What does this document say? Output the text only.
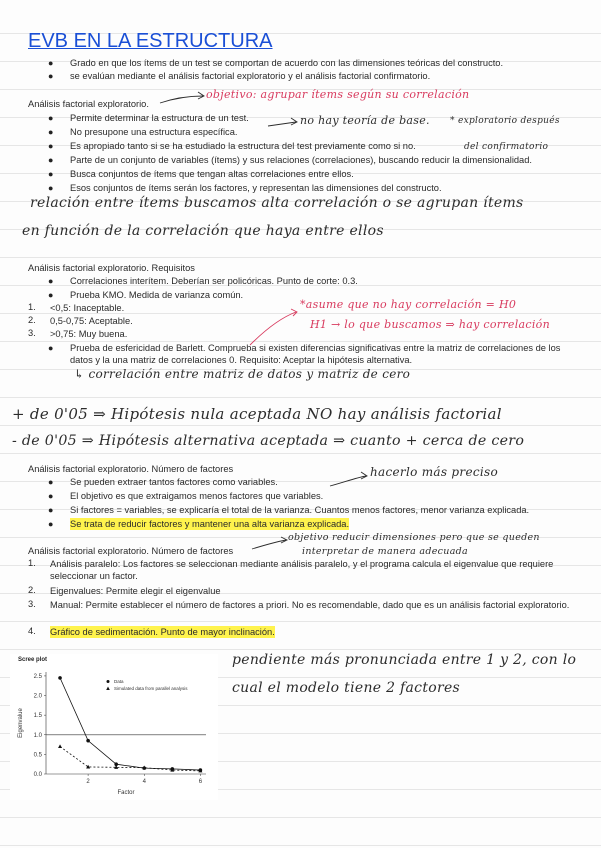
EVB EN LA ESTRUCTURA
● Grado en que los ítems de un test se comportan de acuerdo con las dimensiones teóricas del constructo.
● se evalúan mediante el análisis factorial exploratorio y el análisis factorial confirmatorio.
Análisis factorial exploratorio.
● Permite determinar la estructura de un test.
● No presupone una estructura específica.
● Es apropiado tanto si se ha estudiado la estructura del test previamente como si no.
● Parte de un conjunto de variables (ítems) y sus relaciones (correlaciones), buscando reducir la dimensionalidad.
● Busca conjuntos de ítems que tengan altas correlaciones entre ellos.
● Esos conjuntos de ítems serán los factores, y representan las dimensiones del constructo.
objetivo: agrupar ítems según su correlación
no hay teoría de base. * exploratorio después
del confirmatorio
relación entre ítems buscamos alta correlación o se agrupan ítems
en función de la correlación que haya entre ellos
Análisis factorial exploratorio. Requisitos
● Correlaciones interítem. Deberían ser policóricas. Punto de corte: 0.3.
● Prueba KMO. Medida de varianza común.
1. <0,5: Inaceptable.
2. 0,5-0,75: Aceptable.
3. >0,75: Muy buena.
● Prueba de esfericidad de Barlett. Comprueba si existen diferencias significativas entre la matriz de correlaciones de los datos y la una matriz de correlaciones 0. Requisito: Aceptar la hipótesis alternativa.
*asume que no hay correlación = H0
H1 → lo que buscamos ⇒ hay correlación
↳ correlación entre matriz de datos y matriz de cero
+ de 0'05 ⇒ Hipótesis nula aceptada NO hay análisis factorial
- de 0'05 ⇒ Hipótesis alternativa aceptada ⇒ cuanto + cerca de cero
Análisis factorial exploratorio. Número de factores
● Se pueden extraer tantos factores como variables.
● El objetivo es que extraigamos menos factores que variables.
● Si factores = variables, se explicaría el total de la varianza. Cuantos menos factores, menor varianza explicada.
● Se trata de reducir factores y mantener una alta varianza explicada.
hacerlo más preciso
Análisis factorial exploratorio. Número de factores
objetivo reducir dimensiones pero que se queden
interpretar de manera adecuada
1. Análisis paralelo: Los factores se seleccionan mediante análisis paralelo, y el programa calcula el eigenvalue que requiere seleccionar un factor.
2. Eigenvalues: Permite elegir el eigenvalue
3. Manual: Permite establecer el número de factores a priori. No es recomendable, dado que es un análisis factorial exploratorio.
4. Gráfico de sedimentación. Punto de mayor inclinación.
pendiente más pronunciada entre 1 y 2, con lo
cual el modelo tiene 2 factores
Scree plot
0.0
0.5
1.0
1.5
2.0
2.5
2	4	6
Factor
Eigenvalue
Data
Simulated data from parallel analysis
